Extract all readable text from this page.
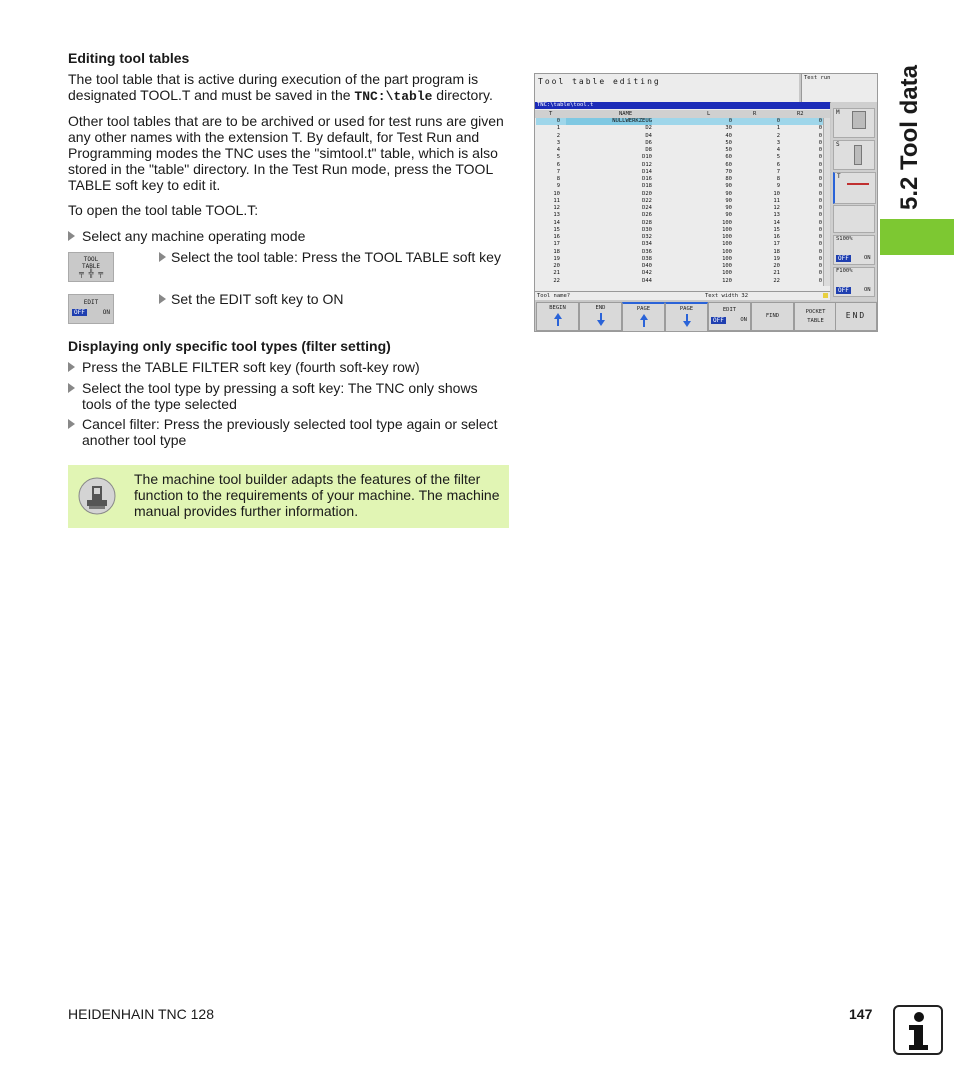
Editing tool tables
The tool table that is active during execution of the part program is designated TOOL.T and must be saved in the TNC:\table directory.
Other tool tables that are to be archived or used for test runs are given any other names with the extension T. By default, for Test Run and Programming modes the TNC uses the "simtool.t" table, which is also stored in the "table" directory. In the Test Run mode, press the TOOL TABLE soft key to edit it.
To open the tool table TOOL.T:
Select any machine operating mode
TOOL
TABLE
╤ ╬ ╤
Select the tool table: Press the TOOL TABLE soft key
EDIT
OFF	ON
Set the EDIT soft key to ON
Displaying only specific tool types (filter setting)
Press the TABLE FILTER soft key (fourth soft-key row)
Select the tool type by pressing a soft key: The TNC only shows tools of the type selected
Cancel filter: Press the previously selected tool type again or select another tool type
The machine tool builder adapts the features of the filter function to the requirements of your machine. The machine manual provides further information.
Tool table editing	Test run
TNC:\table\tool.t
T	NAME	L	R	R2
0	NULLWERKZEUG	0	0	0
1	D2	30	1	0
2	D4	40	2	0
3	D6	50	3	0
4	D8	50	4	0
5	D10	60	5	0
6	D12	60	6	0
7	D14	70	7	0
8	D16	80	8	0
9	D18	90	9	0
10	D20	90	10	0
11	D22	90	11	0
12	D24	90	12	0
13	D26	90	13	0
14	D28	100	14	0
15	D30	100	15	0
16	D32	100	16	0
17	D34	100	17	0
18	D36	100	18	0
19	D38	100	19	0
20	D40	100	20	0
21	D42	100	21	0
22	D44	120	22	0
Tool name?	Text width 32
M
S
T
S100%
OFF	ON
F100%
OFF	ON
BEGIN	END	PAGE	PAGE	EDIT
OFF	ON
FIND
POCKET TABLE
END
5.2 Tool data
HEIDENHAIN TNC 128	147
